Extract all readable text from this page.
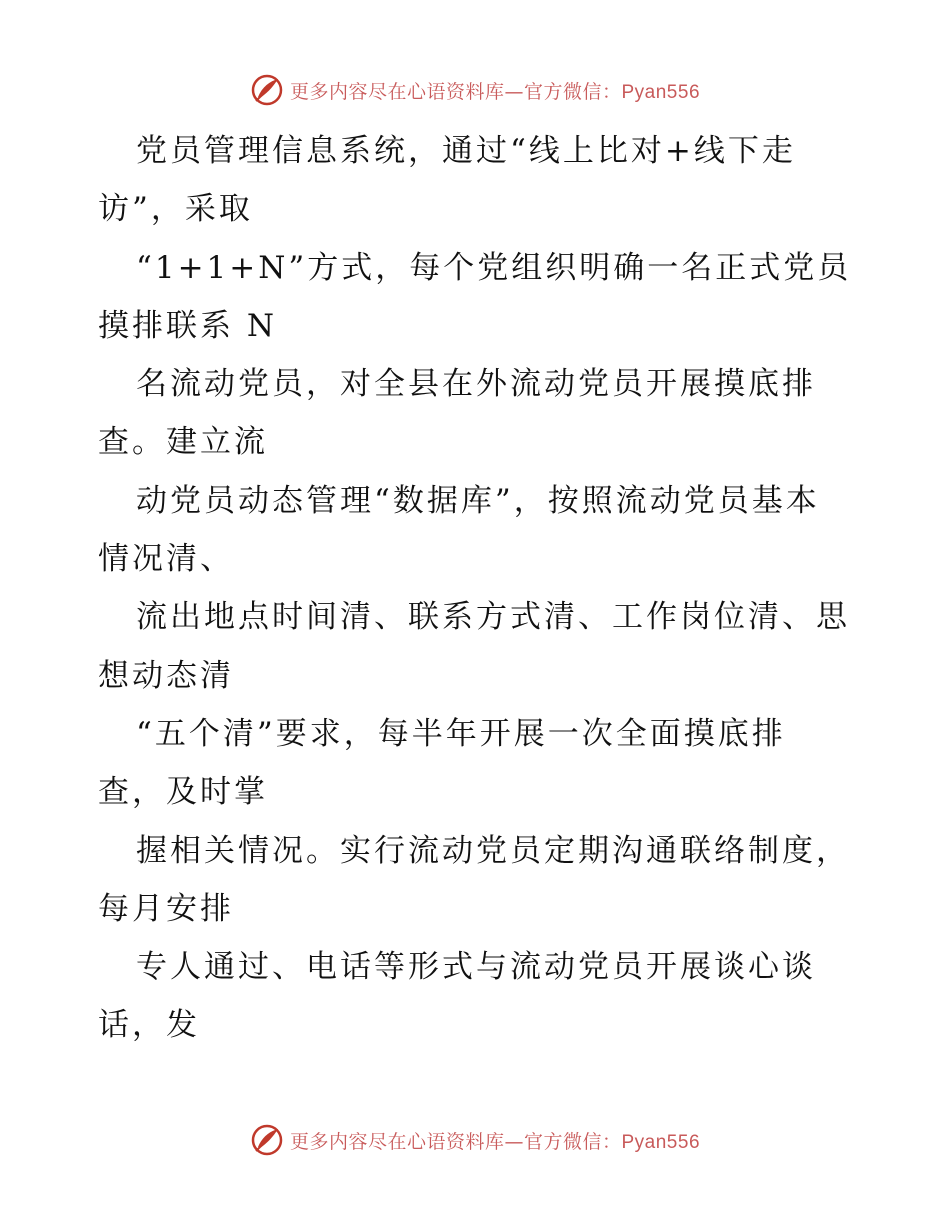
更多内容尽在心语资料库—官方微信：Pyan556
党员管理信息系统，通过“线上比对+线下走
访”，采取
“1+1+N”方式，每个党组织明确一名正式党员
摸排联系 N
名流动党员，对全县在外流动党员开展摸底排
查。建立流
动党员动态管理“数据库”，按照流动党员基本
情况清、
流出地点时间清、联系方式清、工作岗位清、思
想动态清
“五个清”要求，每半年开展一次全面摸底排
查，及时掌
握相关情况。实行流动党员定期沟通联络制度，
每月安排
专人通过、电话等形式与流动党员开展谈心谈
话，发
更多内容尽在心语资料库—官方微信：Pyan556
